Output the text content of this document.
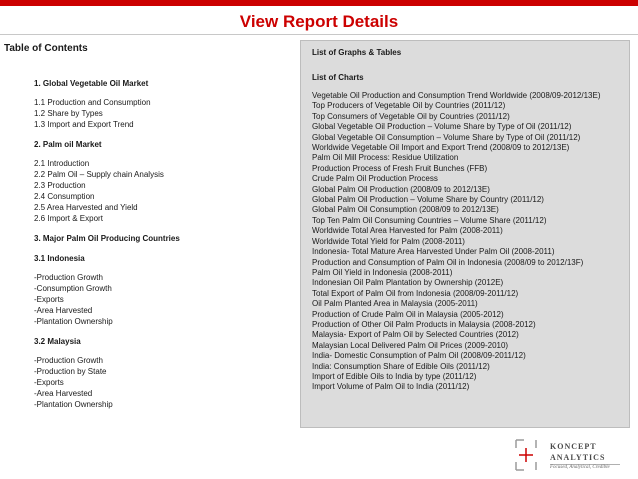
View Report Details
Table of Contents
1. Global Vegetable Oil Market
1.1 Production and Consumption
1.2 Share by Types
1.3 Import and Export Trend
2. Palm oil Market
2.1 Introduction
2.2 Palm Oil – Supply chain Analysis
2.3 Production
2.4 Consumption
2.5 Area Harvested and Yield
2.6 Import & Export
3. Major Palm Oil Producing Countries
3.1 Indonesia
-Production Growth
-Consumption Growth
-Exports
-Area Harvested
-Plantation Ownership
3.2 Malaysia
-Production Growth
-Production by State
-Exports
-Area Harvested
-Plantation Ownership
List of Graphs & Tables
List of Charts
Vegetable Oil Production and Consumption Trend Worldwide (2008/09-2012/13E)
Top Producers of Vegetable Oil by Countries (2011/12)
Top Consumers of Vegetable Oil by Countries (2011/12)
Global Vegetable Oil Production – Volume Share by Type of Oil (2011/12)
Global Vegetable Oil Consumption – Volume Share by Type of Oil (2011/12)
Worldwide Vegetable Oil Import and Export Trend (2008/09 to 2012/13E)
Palm Oil Mill Process: Residue Utilization
Production Process of Fresh Fruit Bunches (FFB)
Crude Palm Oil Production Process
Global Palm Oil Production (2008/09 to 2012/13E)
Global Palm Oil Production – Volume Share by Country (2011/12)
Global Palm Oil Consumption (2008/09 to 2012/13E)
Top Ten Palm Oil Consuming Countries – Volume Share (2011/12)
Worldwide Total Area Harvested for Palm (2008-2011)
Worldwide Total Yield for Palm (2008-2011)
Indonesia- Total Mature Area Harvested Under Palm Oil (2008-2011)
Production and Consumption of Palm Oil in Indonesia (2008/09 to 2012/13F)
Palm Oil Yield in Indonesia (2008-2011)
Indonesian Oil Palm Plantation by Ownership (2012E)
Total Export of Palm Oil from Indonesia (2008/09-2011/12)
Oil Palm Planted Area in Malaysia (2005-2011)
Production of Crude Palm Oil in Malaysia (2005-2012)
Production of Other Oil Palm Products in Malaysia (2008-2012)
Malaysia- Export of Palm Oil by Selected Countries (2012)
Malaysian Local Delivered Palm Oil Prices (2009-2010)
India- Domestic Consumption of Palm Oil (2008/09-2011/12)
India: Consumption Share of Edible Oils (2011/12)
Import of Edible Oils to India by type (2011/12)
Import Volume of Palm Oil to India (2011/12)
KONCEPT
ANALYTICS
Focused, Analytical, Credible
